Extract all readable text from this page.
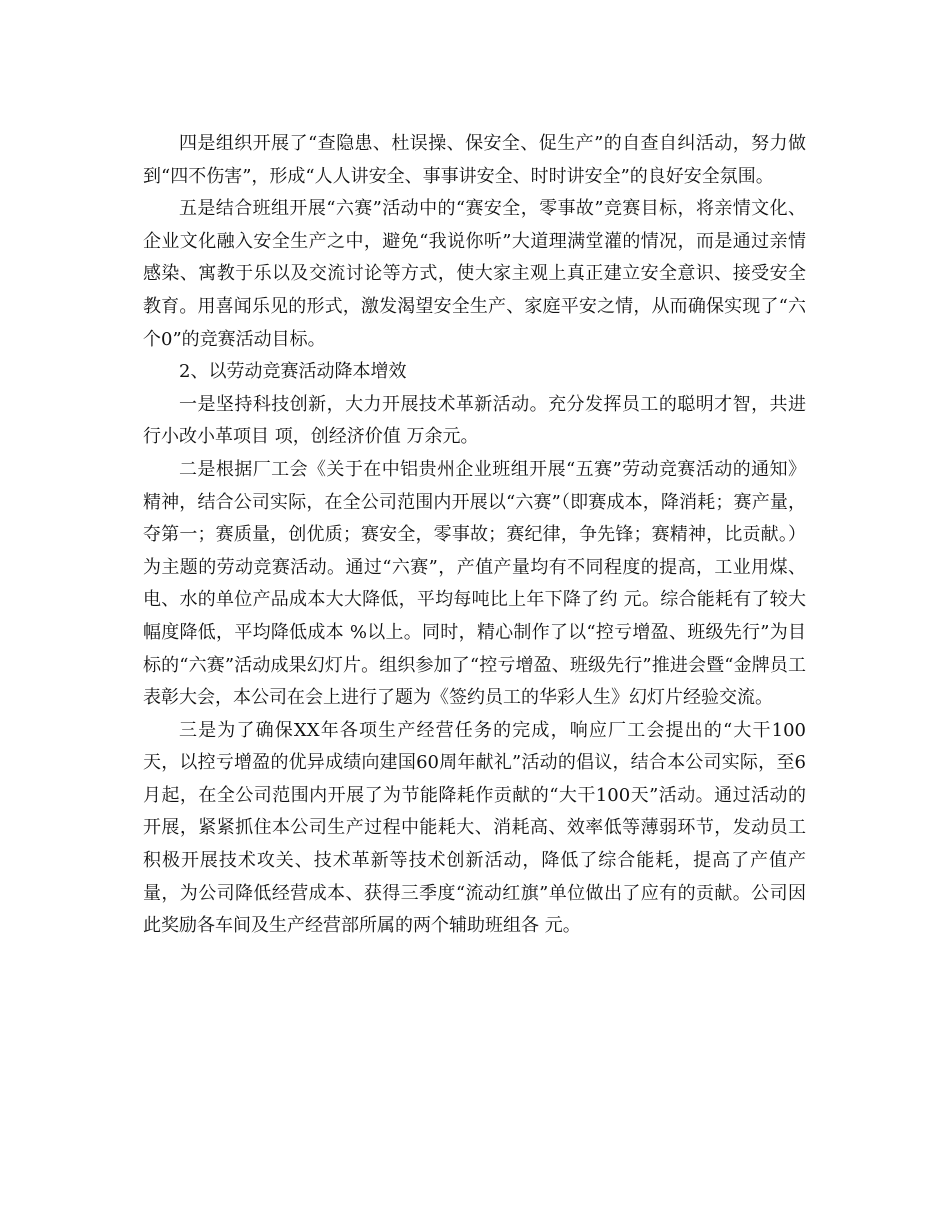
四是组织开展了“查隐患、杜误操、保安全、促生产”的自查自纠活动，努力做到“四不伤害”，形成“人人讲安全、事事讲安全、时时讲安全”的良好安全氛围。

五是结合班组开展“六赛”活动中的“赛安全，零事故”竞赛目标，将亲情文化、企业文化融入安全生产之中，避免“我说你听”大道理满堂灌的情况，而是通过亲情感染、寓教于乐以及交流讨论等方式，使大家主观上真正建立安全意识、接受安全教育。用喜闻乐见的形式，激发渴望安全生产、家庭平安之情，从而确保实现了“六个0”的竞赛活动目标。

2、以劳动竞赛活动降本增效

一是坚持科技创新，大力开展技术革新活动。充分发挥员工的聪明才智，共进行小改小革项目 项，创经济价值 万余元。

二是根据厂工会《关于在中铝贵州企业班组开展“五赛”劳动竞赛活动的通知》精神，结合公司实际，在全公司范围内开展以“六赛”（即赛成本，降消耗；赛产量，夺第一；赛质量，创优质；赛安全，零事故；赛纪律，争先锋；赛精神，比贡献。）为主题的劳动竞赛活动。通过“六赛”，产值产量均有不同程度的提高，工业用煤、电、水的单位产品成本大大降低，平均每吨比上年下降了约 元。综合能耗有了较大幅度降低，平均降低成本 %以上。同时，精心制作了以“控亏增盈、班级先行”为目标的“六赛”活动成果幻灯片。组织参加了“控亏增盈、班级先行”推进会暨“金牌员工表彰大会，本公司在会上进行了题为《签约员工的华彩人生》幻灯片经验交流。

三是为了确保XX年各项生产经营任务的完成，响应厂工会提出的“大干100天，以控亏增盈的优异成绩向建国60周年献礼”活动的倡议，结合本公司实际，至6月起，在全公司范围内开展了为节能降耗作贡献的“大干100天”活动。通过活动的开展，紧紧抓住本公司生产过程中能耗大、消耗高、效率低等薄弱环节，发动员工积极开展技术攻关、技术革新等技术创新活动，降低了综合能耗，提高了产值产量，为公司降低经营成本、获得三季度“流动红旗”单位做出了应有的贡献。公司因此奖励各车间及生产经营部所属的两个辅助班组各 元。
